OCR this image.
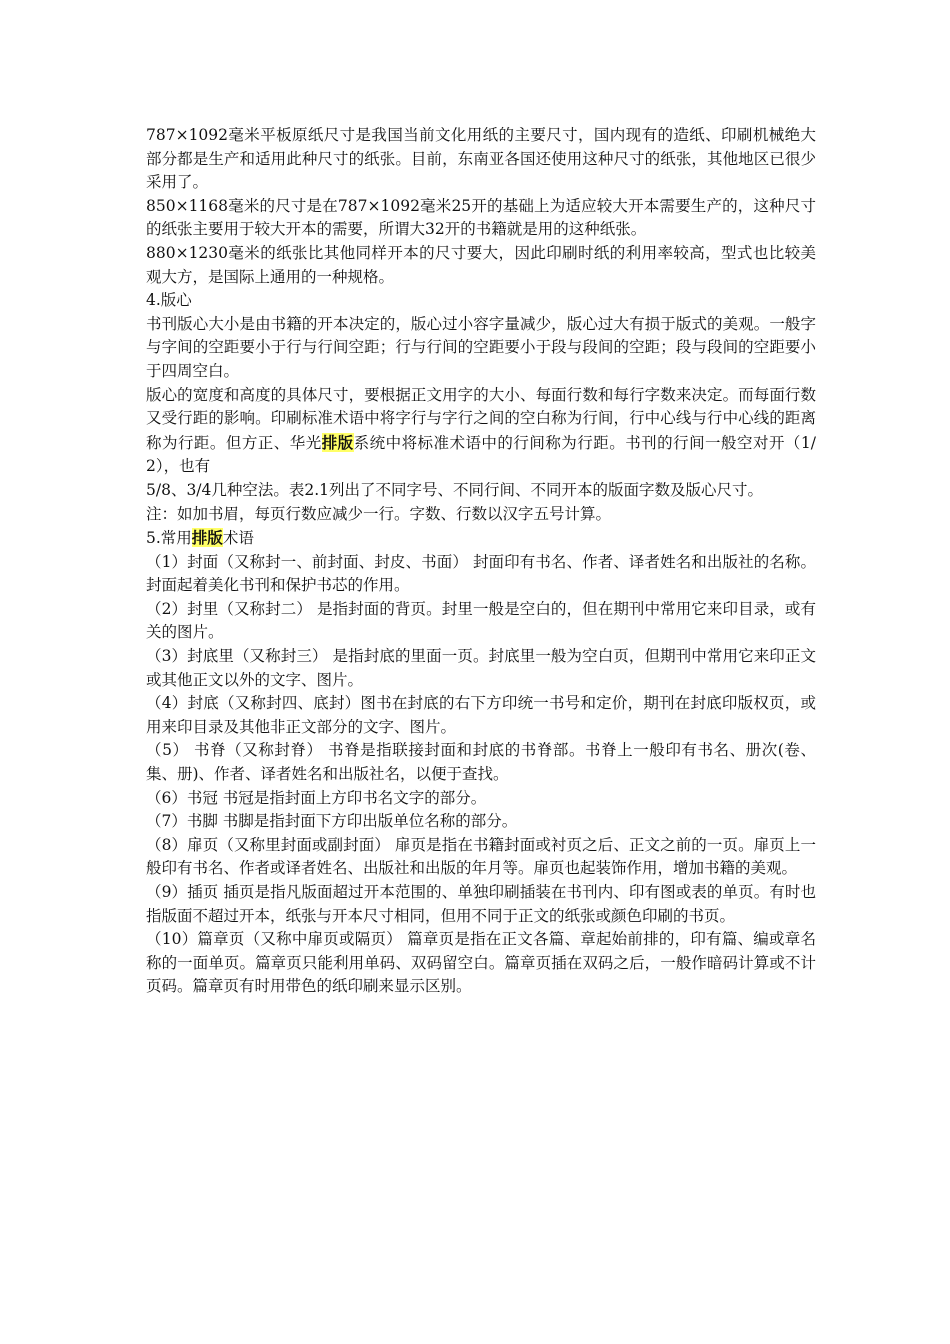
787×1092毫米平板原纸尺寸是我国当前文化用纸的主要尺寸，国内现有的造纸、印刷机械绝大部分都是生产和适用此种尺寸的纸张。目前，东南亚各国还使用这种尺寸的纸张，其他地区已很少采用了。

850×1168毫米的尺寸是在787×1092毫米25开的基础上为适应较大开本需要生产的，这种尺寸的纸张主要用于较大开本的需要，所谓大32开的书籍就是用的这种纸张。

880×1230毫米的纸张比其他同样开本的尺寸要大，因此印刷时纸的利用率较高，型式也比较美观大方，是国际上通用的一种规格。

4.版心

书刊版心大小是由书籍的开本决定的，版心过小容字量减少，版心过大有损于版式的美观。一般字与字间的空距要小于行与行间空距；行与行间的空距要小于段与段间的空距；段与段间的空距要小于四周空白。

版心的宽度和高度的具体尺寸，要根据正文用字的大小、每面行数和每行字数来决定。而每面行数又受行距的影响。印刷标准术语中将字行与字行之间的空白称为行间，行中心线与行中心线的距离称为行距。但方正、华光排版系统中将标准术语中的行间称为行距。书刊的行间一般空对开（1/2），也有

5/8、3/4几种空法。表2.1列出了不同字号、不同行间、不同开本的版面字数及版心尺寸。

注：如加书眉，每页行数应减少一行。字数、行数以汉字五号计算。

5.常用排版术语

（1）封面（又称封一、前封面、封皮、书面） 封面印有书名、作者、译者姓名和出版社的名称。封面起着美化书刊和保护书芯的作用。

（2）封里（又称封二） 是指封面的背页。封里一般是空白的，但在期刊中常用它来印目录，或有关的图片。

（3）封底里（又称封三） 是指封底的里面一页。封底里一般为空白页，但期刊中常用它来印正文或其他正文以外的文字、图片。

（4）封底（又称封四、底封）图书在封底的右下方印统一书号和定价，期刊在封底印版权页，或用来印目录及其他非正文部分的文字、图片。

（5） 书脊（又称封脊） 书脊是指联接封面和封底的书脊部。书脊上一般印有书名、册次(卷、集、册)、作者、译者姓名和出版社名，以便于查找。

（6）书冠 书冠是指封面上方印书名文字的部分。

（7）书脚 书脚是指封面下方印出版单位名称的部分。

（8）扉页（又称里封面或副封面） 扉页是指在书籍封面或衬页之后、正文之前的一页。扉页上一般印有书名、作者或译者姓名、出版社和出版的年月等。扉页也起装饰作用，增加书籍的美观。

（9）插页 插页是指凡版面超过开本范围的、单独印刷插装在书刊内、印有图或表的单页。有时也指版面不超过开本，纸张与开本尺寸相同，但用不同于正文的纸张或颜色印刷的书页。

（10）篇章页（又称中扉页或隔页） 篇章页是指在正文各篇、章起始前排的，印有篇、编或章名称的一面单页。篇章页只能利用单码、双码留空白。篇章页插在双码之后，一般作暗码计算或不计页码。篇章页有时用带色的纸印刷来显示区别。
